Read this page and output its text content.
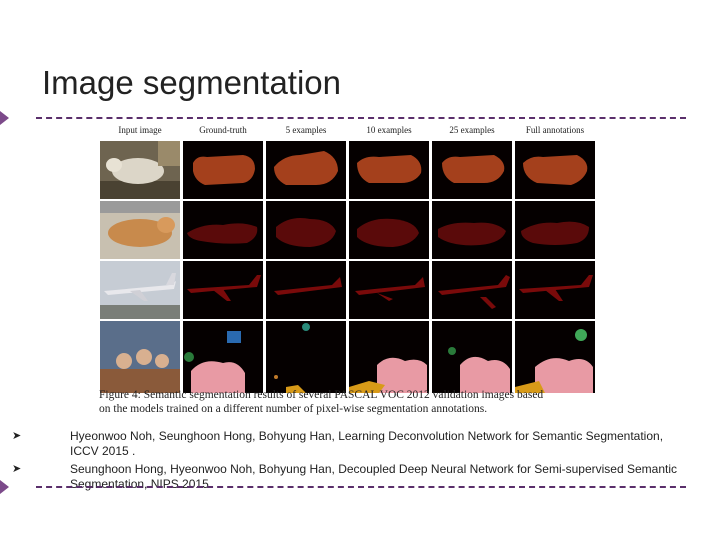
Image segmentation
Input image	Ground-truth	5 examples	10 examples	25 examples	Full annotations
Figure 4: Semantic segmentation results of several PASCAL VOC 2012 validation images based
on the models trained on a different number of pixel-wise segmentation annotations.
➤	Hyeonwoo Noh, Seunghoon Hong, Bohyung Han, Learning Deconvolution Network for Semantic Segmentation,
ICCV 2015 .
➤	Seunghoon Hong, Hyeonwoo Noh, Bohyung Han, Decoupled Deep Neural Network for Semi-supervised Semantic
Segmentation, NIPS 2015.
